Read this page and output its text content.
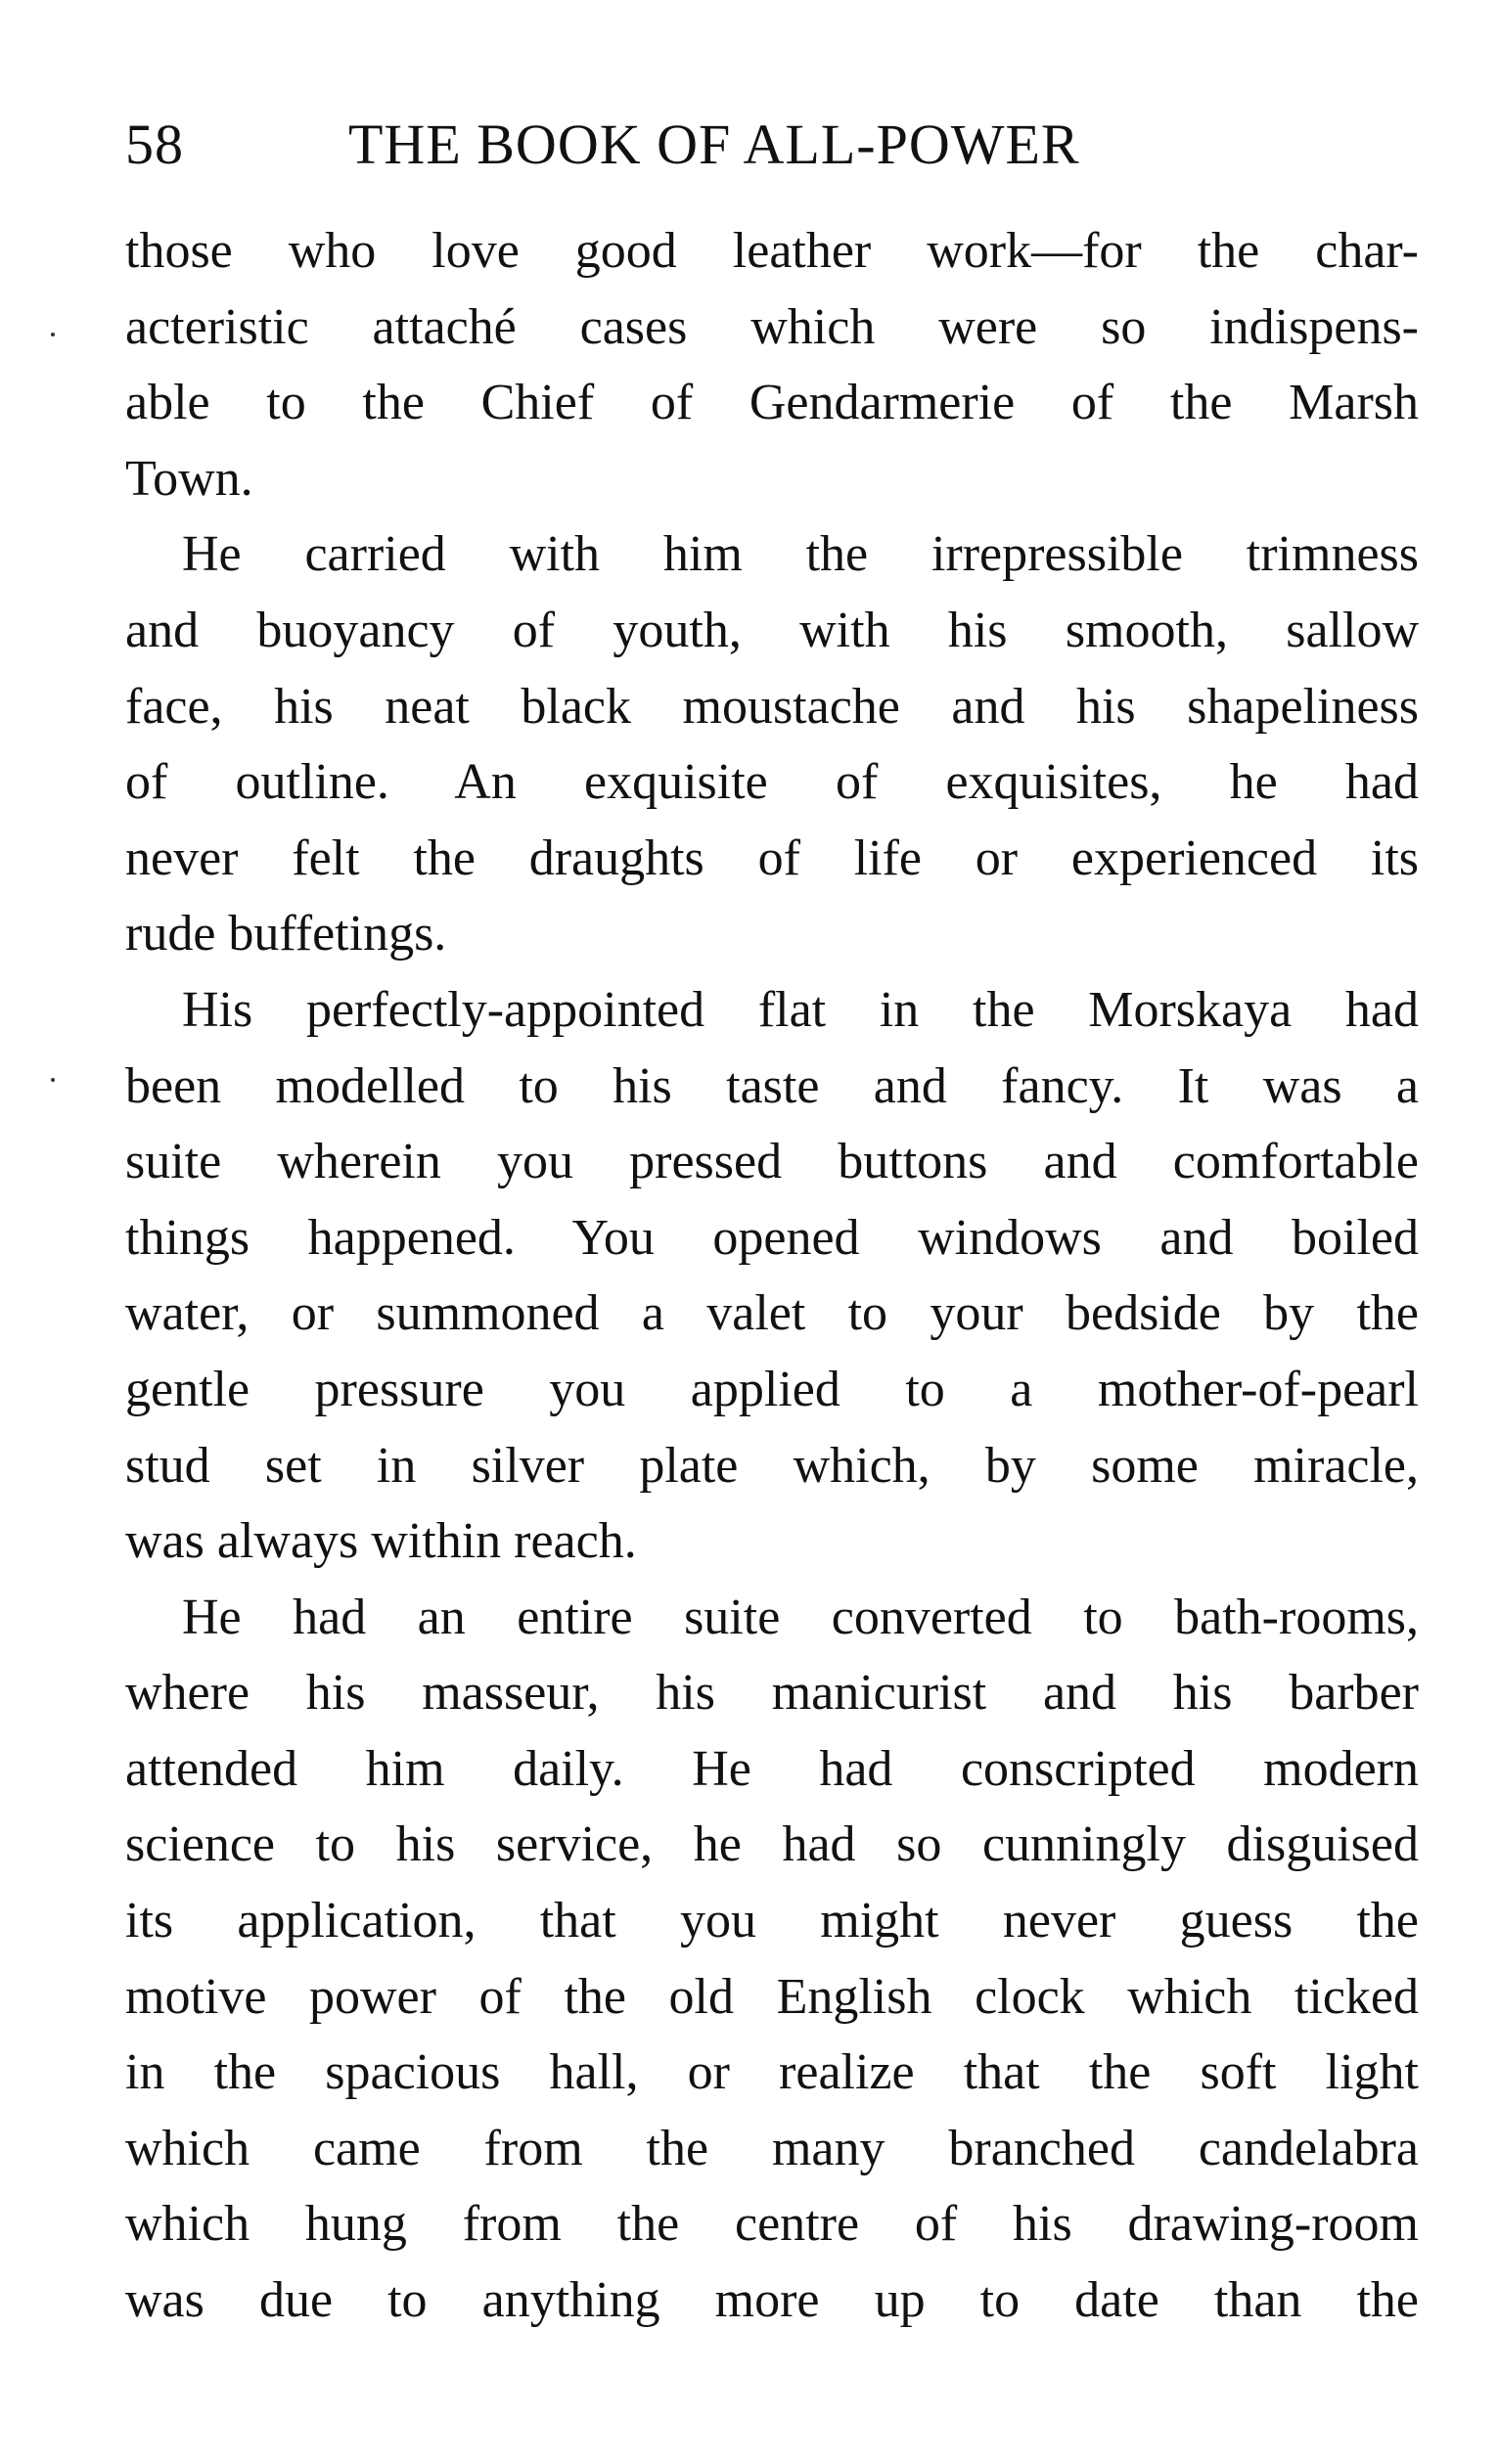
58	THE BOOK OF ALL-POWER
those who love good leather work—for the char-
acteristic attaché cases which were so indispens-
able to the Chief of Gendarmerie of the Marsh
Town.
He carried with him the irrepressible trimness
and buoyancy of youth, with his smooth, sallow
face, his neat black moustache and his shapeliness
of outline. An exquisite of exquisites, he had
never felt the draughts of life or experienced its
rude buffetings.
His perfectly-appointed flat in the Morskaya had
been modelled to his taste and fancy. It was a
suite wherein you pressed buttons and comfortable
things happened. You opened windows and boiled
water, or summoned a valet to your bedside by the
gentle pressure you applied to a mother-of-pearl
stud set in silver plate which, by some miracle,
was always within reach.
He had an entire suite converted to bath-rooms,
where his masseur, his manicurist and his barber
attended him daily. He had conscripted modern
science to his service, he had so cunningly disguised
its application, that you might never guess the
motive power of the old English clock which ticked
in the spacious hall, or realize that the soft light
which came from the many branched candelabra
which hung from the centre of his drawing-room
was due to anything more up to date than the
